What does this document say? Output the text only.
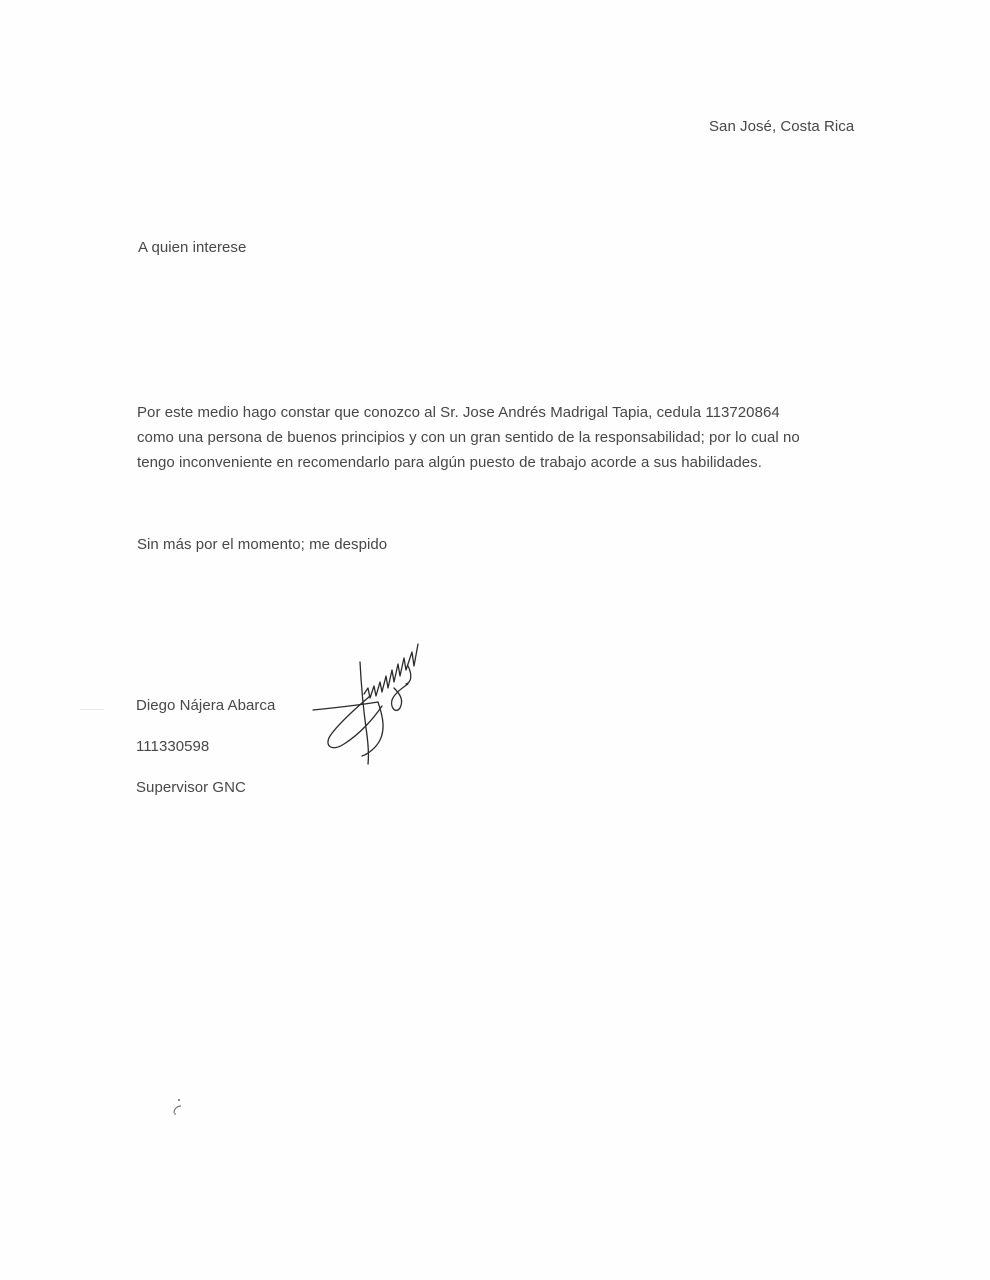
San José, Costa Rica
A quien interese
Por este medio hago constar que conozco al Sr. Jose Andrés Madrigal Tapia, cedula 113720864
como una persona de buenos principios y con un gran sentido de la responsabilidad; por lo cual no
tengo inconveniente en recomendarlo para algún puesto de trabajo acorde a sus habilidades.
Sin más por el momento; me despido
Diego Nájera Abarca
111330598
Supervisor GNC
